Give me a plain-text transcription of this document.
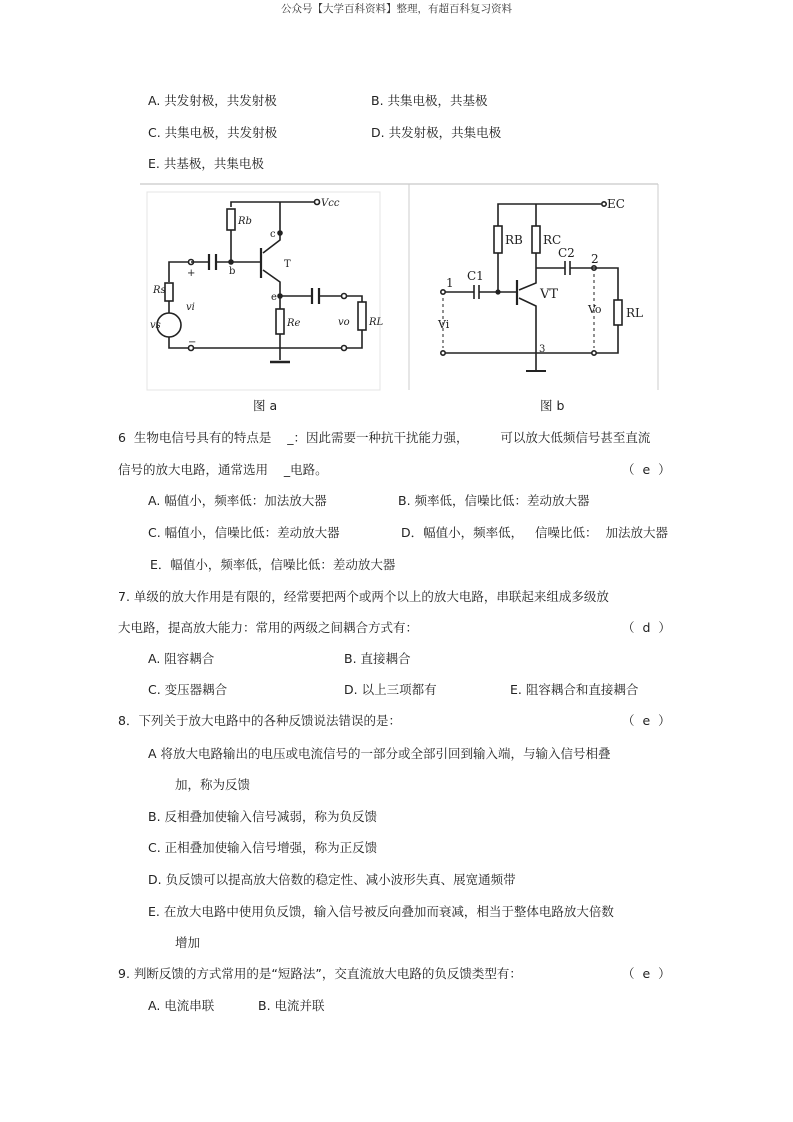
公众号【大学百科资料】整理，有超百科复习资料
A. 共发射极，共发射极	B. 共集电极，共基极
C. 共集电极，共发射极	D. 共发射极，共集电极
E. 共基极，共集电极
Vcc
Rb
c
b
T
e
Rs
vi
vs	Re	vo RL
+
−
EC
RB RC
C2 2
1 C1
VT
Vi
Vo RL
3
图 a	图 b
6  生物电信号具有的特点是    _：因此需要一种抗干扰能力强，        可以放大低频信号甚至直流
信号的放大电路，通常选用    _电路。	（  e  ）
A. 幅值小，频率低：加法放大器	B. 频率低，信噪比低：差动放大器
C. 幅值小，信噪比低：差动放大器	D．幅值小，频率低，   信噪比低：  加法放大器
E．幅值小，频率低，信噪比低：差动放大器
7. 单级的放大作用是有限的，经常要把两个或两个以上的放大电路，串联起来组成多级放
大电路，提高放大能力：常用的两级之间耦合方式有：	（  d  ）
A. 阻容耦合	B. 直接耦合
C. 变压器耦合	D. 以上三项都有	E. 阻容耦合和直接耦合
8．下列关于放大电路中的各种反馈说法错误的是：	（  e  ）
A 将放大电路输出的电压或电流信号的一部分或全部引回到输入端，与输入信号相叠
加，称为反馈
B. 反相叠加使输入信号减弱，称为负反馈
C. 正相叠加使输入信号增强，称为正反馈
D. 负反馈可以提高放大倍数的稳定性、减小波形失真、展宽通频带
E. 在放大电路中使用负反馈，输入信号被反向叠加而衰减，相当于整体电路放大倍数
增加
9. 判断反馈的方式常用的是“短路法”，交直流放大电路的负反馈类型有：	（  e  ）
A. 电流串联	B. 电流并联
